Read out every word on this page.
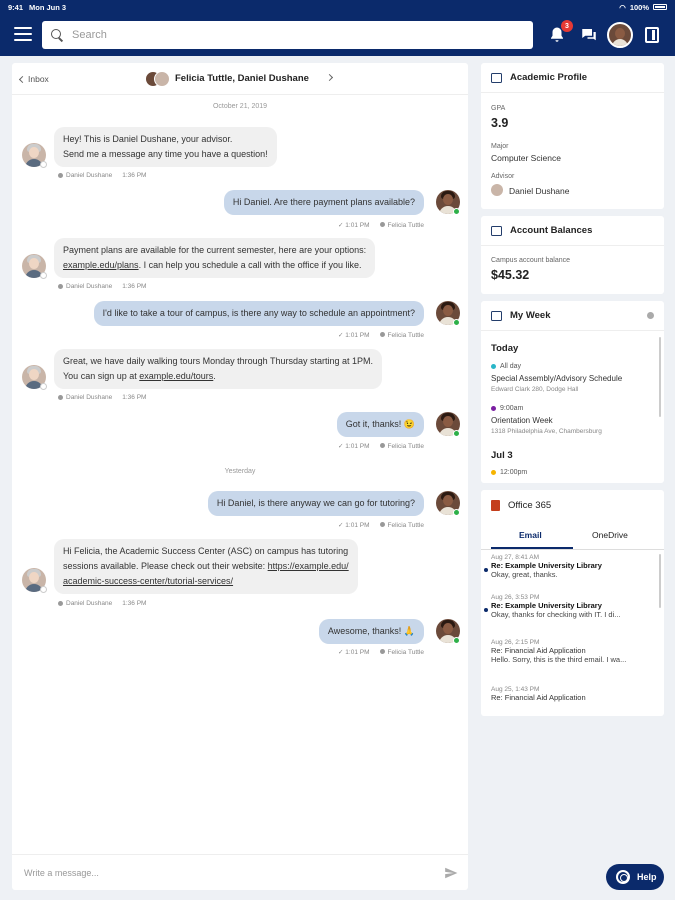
9:41 Mon Jun 3	◠ 100%
Search
3
Inbox	Felicia Tuttle, Daniel Dushane
October 21, 2019
Hey! This is Daniel Dushane, your advisor.
Send me a message any time you have a question!
Daniel Dushane 1:36 PM
Hi Daniel. Are there payment plans available?
✓ 1:01 PM	Felicia Tuttle
Payment plans are available for the current semester, here are your options:
example.edu/plans. I can help you schedule a call with the office if you like.
Daniel Dushane 1:36 PM
I'd like to take a tour of campus, is there any way to schedule an appointment?
✓ 1:01 PM	Felicia Tuttle
Great, we have daily walking tours Monday through Thursday starting at 1PM.
You can sign up at example.edu/tours.
Daniel Dushane 1:36 PM
Got it, thanks! 😉
✓ 1:01 PM	Felicia Tuttle
Yesterday
Hi Daniel, is there anyway we can go for tutoring?
✓ 1:01 PM	Felicia Tuttle
Hi Felicia, the Academic Success Center (ASC) on campus has tutoring
sessions available. Please check out their website: https://example.edu/
academic-success-center/tutorial-services/
Daniel Dushane 1:36 PM
Awesome, thanks! 🙏
✓ 1:01 PM	Felicia Tuttle
Write a message...
Academic Profile
GPA
3.9
Major
Computer Science
Advisor
Daniel Dushane
Account Balances
Campus account balance
$45.32
My Week
Today
All day
Special Assembly/Advisory Schedule
Edward Clark 280, Dodge Hall
9:00am
Orientation Week
1318 Philadelphia Ave, Chambersburg
Jul 3
12:00pm
Office 365
Email	OneDrive
Aug 27, 8:41 AM
Re: Example University Library
Okay, great, thanks.
Aug 26, 3:53 PM
Re: Example University Library
Okay, thanks for checking with IT. I di...
Aug 26, 2:15 PM
Re: Financial Aid Application
Hello. Sorry, this is the third email. I wa...
Aug 25, 1:43 PM
Re: Financial Aid Application
Help
